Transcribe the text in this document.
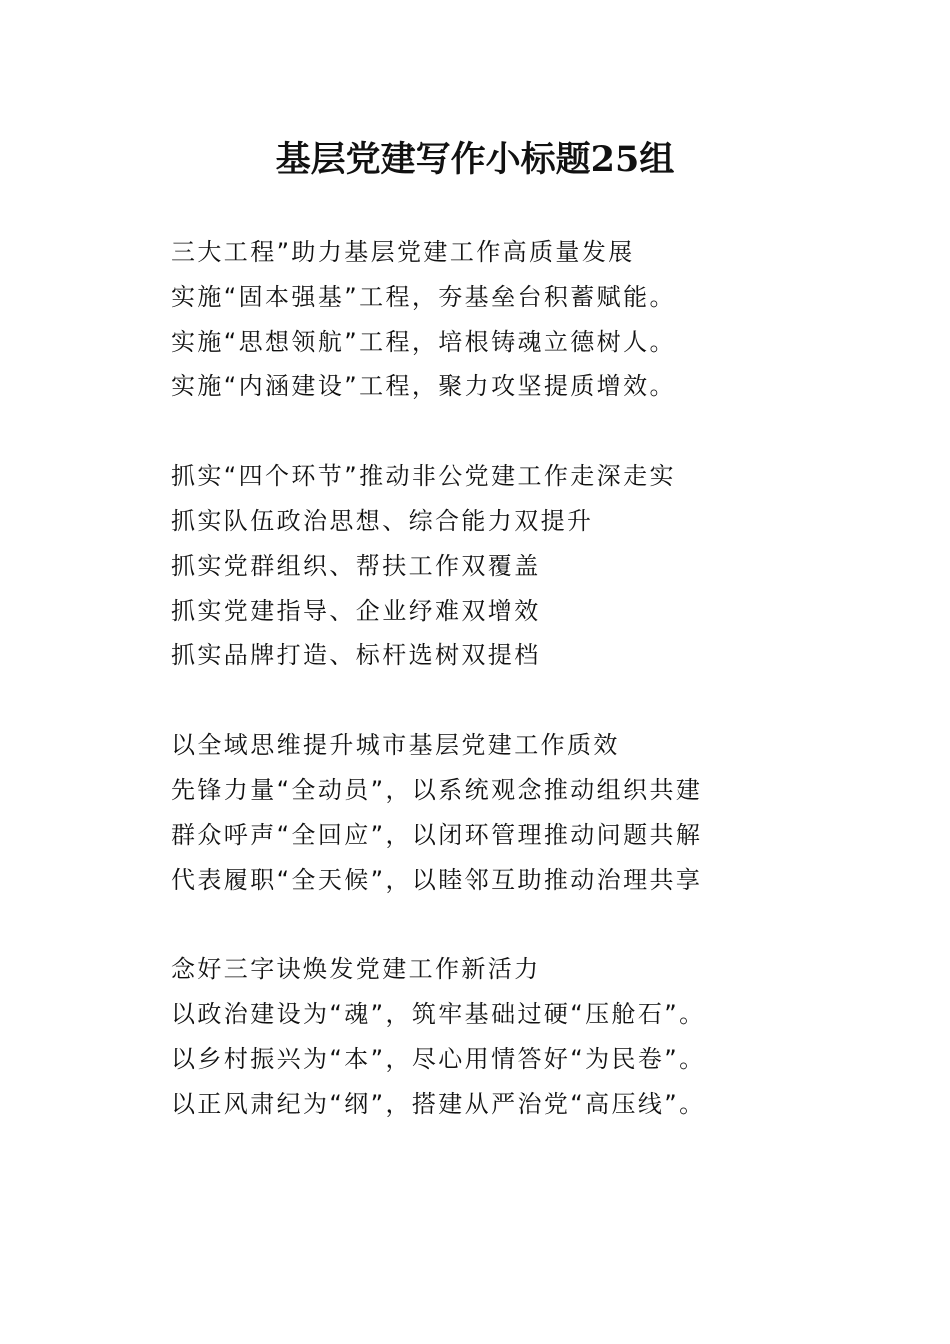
基层党建写作小标题25组
三大工程”助力基层党建工作高质量发展
实施“固本强基”工程，夯基垒台积蓄赋能。
实施“思想领航”工程，培根铸魂立德树人。
实施“内涵建设”工程，聚力攻坚提质增效。
抓实“四个环节”推动非公党建工作走深走实
抓实队伍政治思想、综合能力双提升
抓实党群组织、帮扶工作双覆盖
抓实党建指导、企业纾难双增效
抓实品牌打造、标杆选树双提档
以全域思维提升城市基层党建工作质效
先锋力量“全动员”，以系统观念推动组织共建
群众呼声“全回应”，以闭环管理推动问题共解
代表履职“全天候”，以睦邻互助推动治理共享
念好三字诀焕发党建工作新活力
以政治建设为“魂”，筑牢基础过硬“压舱石”。
以乡村振兴为“本”，尽心用情答好“为民卷”。
以正风肃纪为“纲”，搭建从严治党“高压线”。
